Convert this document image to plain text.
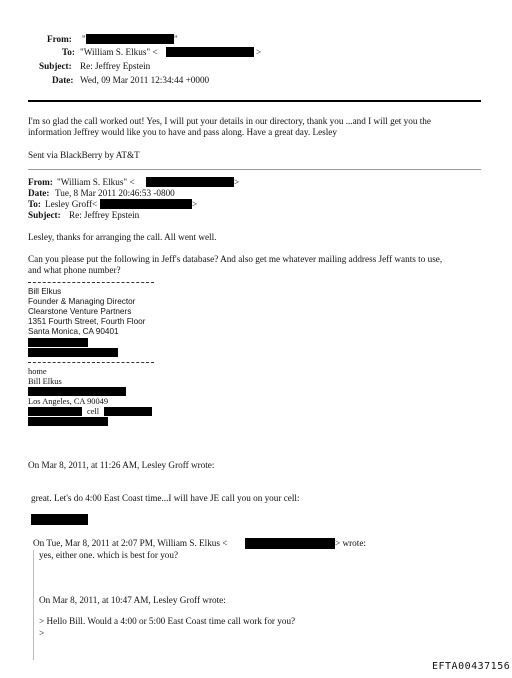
From: "	"
To: "William S. Elkus" <	>
Subject: Re: Jeffrey Epstein
Date: Wed, 09 Mar 2011 12:34:44 +0000
I'm so glad the call worked out! Yes, I will put your details in our directory, thank you ...and I will get you the
information Jeffrey would like you to have and pass along. Have a great day. Lesley
Sent via BlackBerry by AT&T
From: "William S. Elkus" <	>
Date: Tue, 8 Mar 2011 20:46:53 -0800
To: Lesley Groff<	>
Subject: Re: Jeffrey Epstein
Lesley, thanks for arranging the call. All went well.
Can you please put the following in Jeff's database? And also get me whatever mailing address Jeff wants to use,
and what phone number?
Bill Elkus
Founder & Managing Director
Clearstone Venture Partners
1351 Fourth Street, Fourth Floor
Santa Monica, CA 90401
home
Bill Elkus
Los Angeles, CA 90049
cell
On Mar 8, 2011, at 11:26 AM, Lesley Groff wrote:
great. Let's do 4:00 East Coast time...I will have JE call you on your cell:
On Tue, Mar 8, 2011 at 2:07 PM, William S. Elkus <	> wrote:
yes, either one. which is best for you?
On Mar 8, 2011, at 10:47 AM, Lesley Groff wrote:
> Hello Bill. Would a 4:00 or 5:00 East Coast time call work for you?
>
EFTA00437156
